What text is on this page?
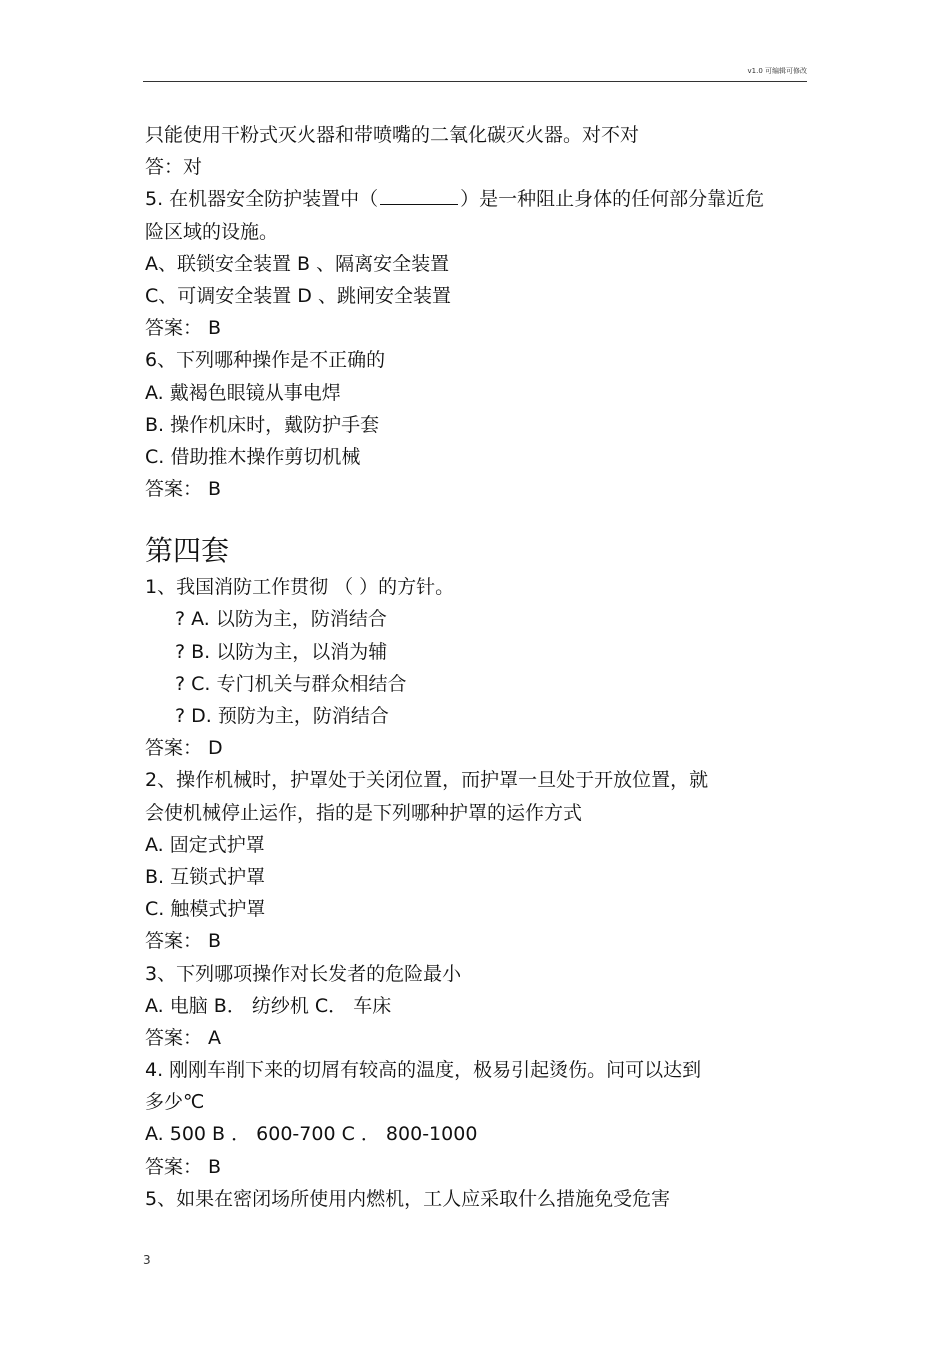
v1.0 可编辑可修改
只能使用干粉式灭火器和带喷嘴的二氧化碳灭火器。对不对
答：对
5. 在机器安全防护装置中（	）是一种阻止身体的任何部分靠近危
险区域的设施。
A、联锁安全装置 B 、隔离安全装置
C、可调安全装置 D 、跳闸安全装置
答案： B
6、下列哪种操作是不正确的
A. 戴褐色眼镜从事电焊
B. 操作机床时，戴防护手套
C. 借助推木操作剪切机械
答案： B
第四套
1、我国消防工作贯彻 （ ）的方针。
? A. 以防为主，防消结合
? B. 以防为主，以消为辅
? C. 专门机关与群众相结合
? D. 预防为主，防消结合
答案： D
2、操作机械时，护罩处于关闭位置，而护罩一旦处于开放位置，就
会使机械停止运作，指的是下列哪种护罩的运作方式
A. 固定式护罩
B. 互锁式护罩
C. 触模式护罩
答案： B
3、下列哪项操作对长发者的危险最小
A. 电脑 B． 纺纱机 C． 车床
答案： A
4. 刚刚车削下来的切屑有较高的温度，极易引起烫伤。问可以达到
多少℃
A. 500 B ． 600-700 C ． 800-1000
答案： B
5、如果在密闭场所使用内燃机，工人应采取什么措施免受危害
3
